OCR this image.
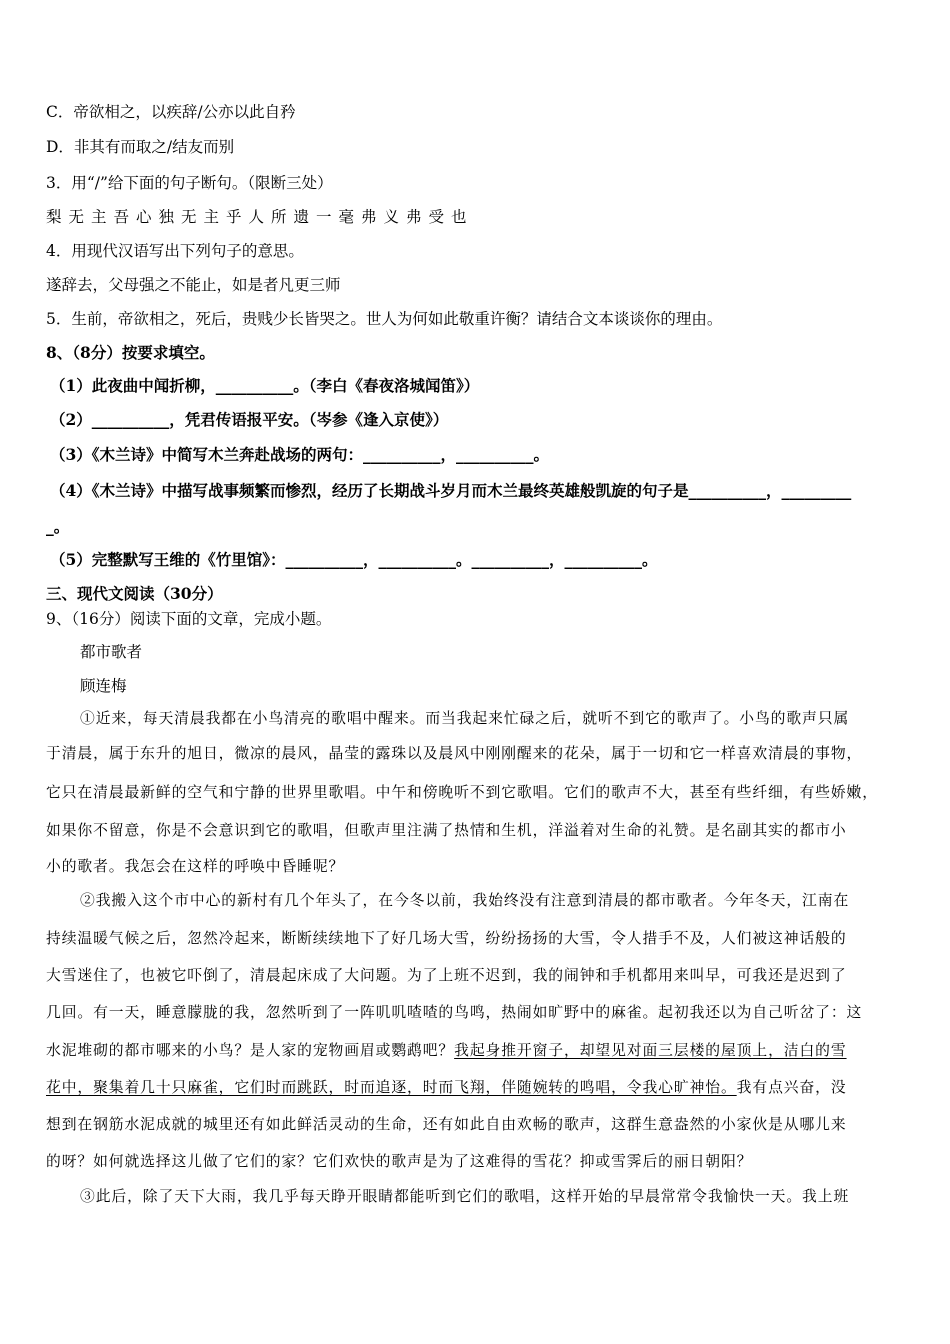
C．帝欲相之，以疾辞/公亦以此自矜
D．非其有而取之/结友而别
3．用“/”给下面的句子断句。（限断三处）
梨无主吾心独无主乎人所遗一毫弗义弗受也
4．用现代汉语写出下列句子的意思。
遂辞去，父母强之不能止，如是者凡更三师
5．生前，帝欲相之，死后，贵贱少长皆哭之。世人为何如此敬重许衡？请结合文本谈谈你的理由。
8、（8分）按要求填空。
（1）此夜曲中闻折柳，__________。（李白《春夜洛城闻笛》）
（2）__________，凭君传语报平安。（岑参《逢入京使》）
（3）《木兰诗》中简写木兰奔赴战场的两句：__________，__________。
（4）《木兰诗》中描写战事频繁而惨烈，经历了长期战斗岁月而木兰最终英雄般凯旋的句子是__________，_________
_。
（5）完整默写王维的《竹里馆》：__________，__________。__________，__________。
三、现代文阅读（30分）
9、（16分）阅读下面的文章，完成小题。
都市歌者
顾连梅
①近来，每天清晨我都在小鸟清亮的歌唱中醒来。而当我起来忙碌之后，就听不到它的歌声了。小鸟的歌声只属
于清晨，属于东升的旭日，微凉的晨风，晶莹的露珠以及晨风中刚刚醒来的花朵，属于一切和它一样喜欢清晨的事物，
它只在清晨最新鲜的空气和宁静的世界里歌唱。中午和傍晚听不到它歌唱。它们的歌声不大，甚至有些纤细，有些娇嫩，
如果你不留意，你是不会意识到它的歌唱，但歌声里注满了热情和生机，洋溢着对生命的礼赞。是名副其实的都市小
小的歌者。我怎会在这样的呼唤中昏睡呢？
②我搬入这个市中心的新村有几个年头了，在今冬以前，我始终没有注意到清晨的都市歌者。今年冬天，江南在
持续温暖气候之后，忽然冷起来，断断续续地下了好几场大雪，纷纷扬扬的大雪，令人措手不及，人们被这神话般的
大雪迷住了，也被它吓倒了，清晨起床成了大问题。为了上班不迟到，我的闹钟和手机都用来叫早，可我还是迟到了
几回。有一天，睡意朦胧的我，忽然听到了一阵叽叽喳喳的鸟鸣，热闹如旷野中的麻雀。起初我还以为自己听岔了：这
水泥堆砌的都市哪来的小鸟？是人家的宠物画眉或鹦鹉吧？我起身推开窗子，却望见对面三层楼的屋顶上，洁白的雪
花中，聚集着几十只麻雀，它们时而跳跃，时而追逐，时而飞翔，伴随婉转的鸣唱，令我心旷神怡。我有点兴奋，没
想到在钢筋水泥成就的城里还有如此鲜活灵动的生命，还有如此自由欢畅的歌声，这群生意盎然的小家伙是从哪儿来
的呀？如何就选择这儿做了它们的家？它们欢快的歌声是为了这难得的雪花？抑或雪霁后的丽日朝阳？
③此后，除了天下大雨，我几乎每天睁开眼睛都能听到它们的歌唱，这样开始的早晨常常令我愉快一天。我上班
